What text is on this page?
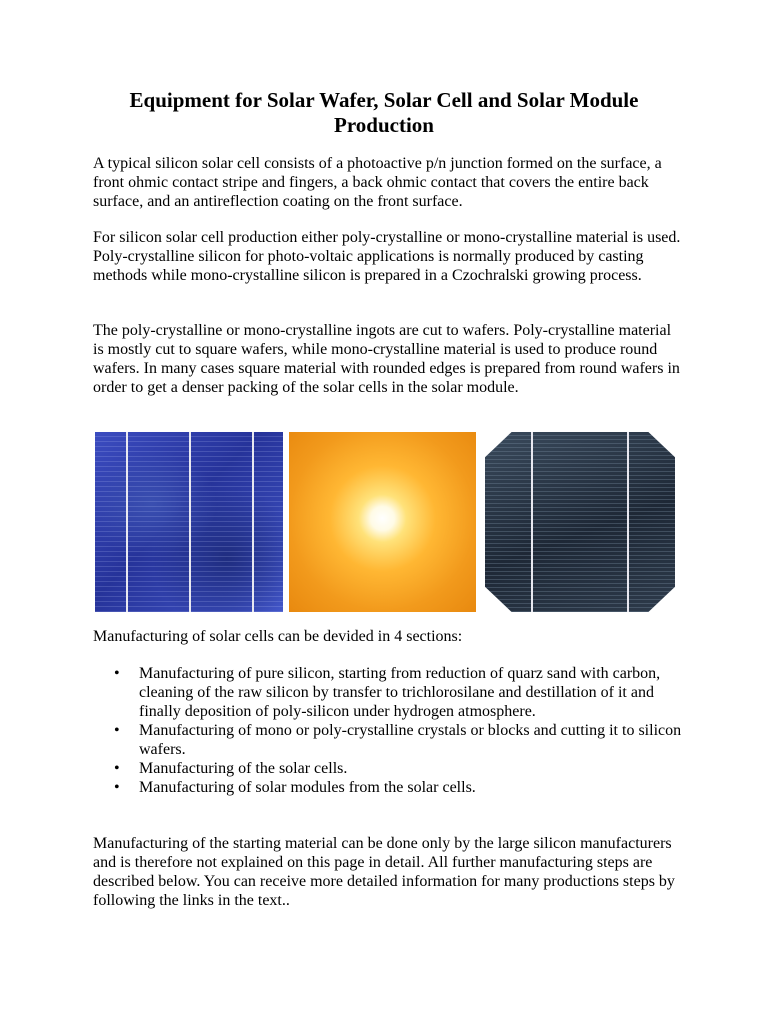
Equipment for Solar Wafer, Solar Cell and Solar Module Production

A typical silicon solar cell consists of a photoactive p/n junction formed on the surface, a front ohmic contact stripe and fingers, a back ohmic contact that covers the entire back surface, and an antireflection coating on the front surface.

For silicon solar cell production either poly-crystalline or mono-crystalline material is used. Poly-crystalline silicon for photo-voltaic applications is normally produced by casting methods while mono-crystalline silicon is prepared in a Czochralski growing process.

The poly-crystalline or mono-crystalline ingots are cut to wafers. Poly-crystalline material is mostly cut to square wafers, while mono-crystalline material is used to produce round wafers. In many cases square material with rounded edges is prepared from round wafers in order to get a denser packing of the solar cells in the solar module.

Manufacturing of solar cells can be devided in 4 sections:

• Manufacturing of pure silicon, starting from reduction of quarz sand with carbon, cleaning of the raw silicon by transfer to trichlorosilane and destillation of it and finally deposition of poly-silicon under hydrogen atmosphere.
• Manufacturing of mono or poly-crystalline crystals or blocks and cutting it to silicon wafers.
• Manufacturing of the solar cells.
• Manufacturing of solar modules from the solar cells.

Manufacturing of the starting material can be done only by the large silicon manufacturers and is therefore not explained on this page in detail. All further manufacturing steps are described below. You can receive more detailed information for many productions steps by following the links in the text..
